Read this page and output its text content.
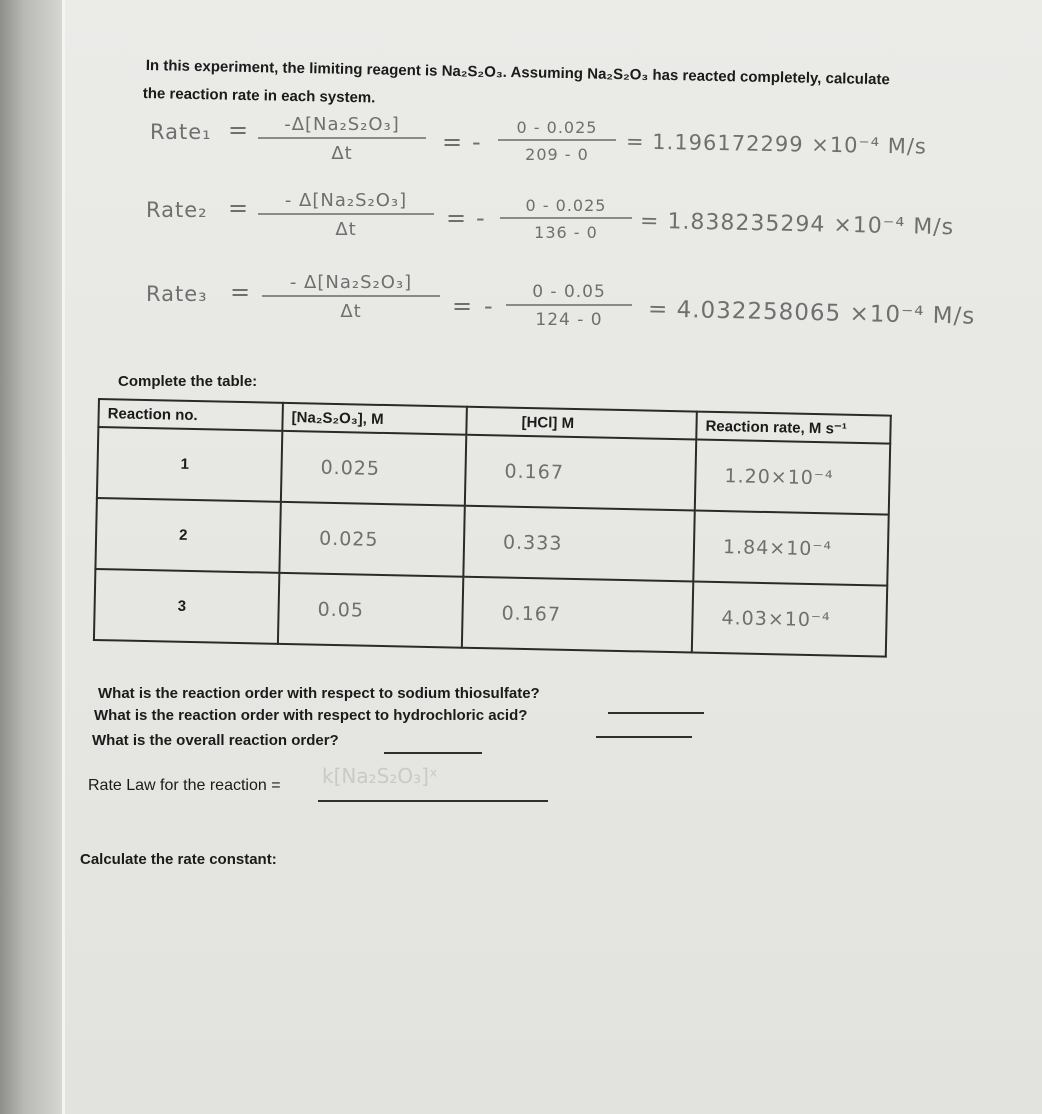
In this experiment, the limiting reagent is Na₂S₂O₃. Assuming Na₂S₂O₃ has reacted completely, calculate
the reaction rate in each system.
Rate₁ =	-Δ[Na₂S₂O₃]
Δt	= -
0 - 0.025
209 - 0	= 1.196172299 ×10⁻⁴ M/s
Rate₂ =	- Δ[Na₂S₂O₃]
Δt	= -	0 - 0.025
136 - 0	= 1.838235294 ×10⁻⁴ M/s
Rate₃ =	- Δ[Na₂S₂O₃]
Δt	= -	0 - 0.05
124 - 0	= 4.032258065 ×10⁻⁴ M/s
Complete the table:
Reaction no.	[Na₂S₂O₃], M	[HCl] M	Reaction rate, M s⁻¹
1	0.025	0.167	1.20×10⁻⁴
2	0.025	0.333	1.84×10⁻⁴
3	0.05	0.167	4.03×10⁻⁴
What is the reaction order with respect to sodium thiosulfate?
What is the reaction order with respect to hydrochloric acid?
What is the overall reaction order?
Rate Law for the reaction = k[Na₂S₂O₃]ˣ
Calculate the rate constant:
